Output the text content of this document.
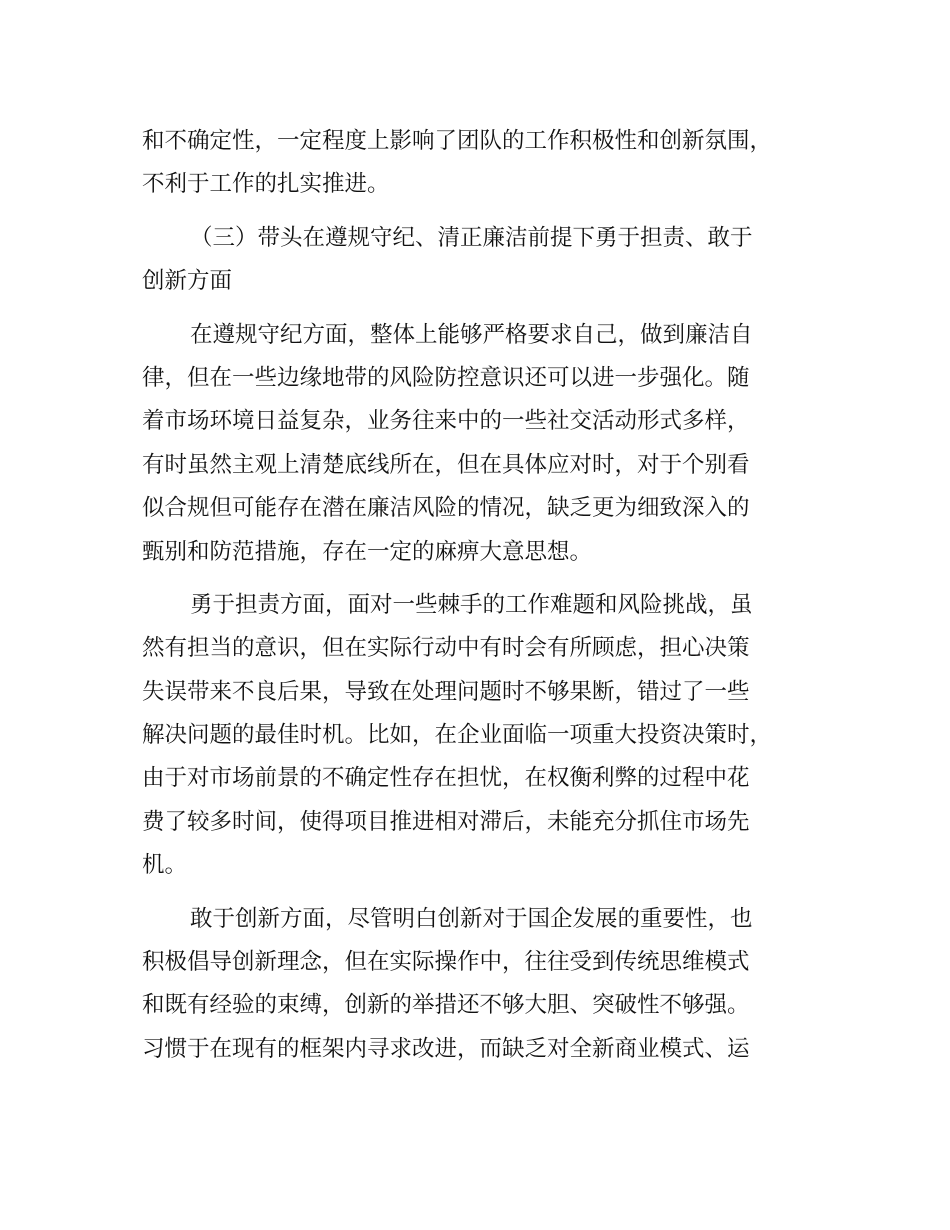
和不确定性，一定程度上影响了团队的工作积极性和创新氛围，
不利于工作的扎实推进。
（三）带头在遵规守纪、清正廉洁前提下勇于担责、敢于
创新方面
在遵规守纪方面，整体上能够严格要求自己，做到廉洁自
律，但在一些边缘地带的风险防控意识还可以进一步强化。随
着市场环境日益复杂，业务往来中的一些社交活动形式多样，
有时虽然主观上清楚底线所在，但在具体应对时，对于个别看
似合规但可能存在潜在廉洁风险的情况，缺乏更为细致深入的
甄别和防范措施，存在一定的麻痹大意思想。
勇于担责方面，面对一些棘手的工作难题和风险挑战，虽
然有担当的意识，但在实际行动中有时会有所顾虑，担心决策
失误带来不良后果，导致在处理问题时不够果断，错过了一些
解决问题的最佳时机。比如，在企业面临一项重大投资决策时，
由于对市场前景的不确定性存在担忧，在权衡利弊的过程中花
费了较多时间，使得项目推进相对滞后，未能充分抓住市场先
机。
敢于创新方面，尽管明白创新对于国企发展的重要性，也
积极倡导创新理念，但在实际操作中，往往受到传统思维模式
和既有经验的束缚，创新的举措还不够大胆、突破性不够强。
习惯于在现有的框架内寻求改进，而缺乏对全新商业模式、运
